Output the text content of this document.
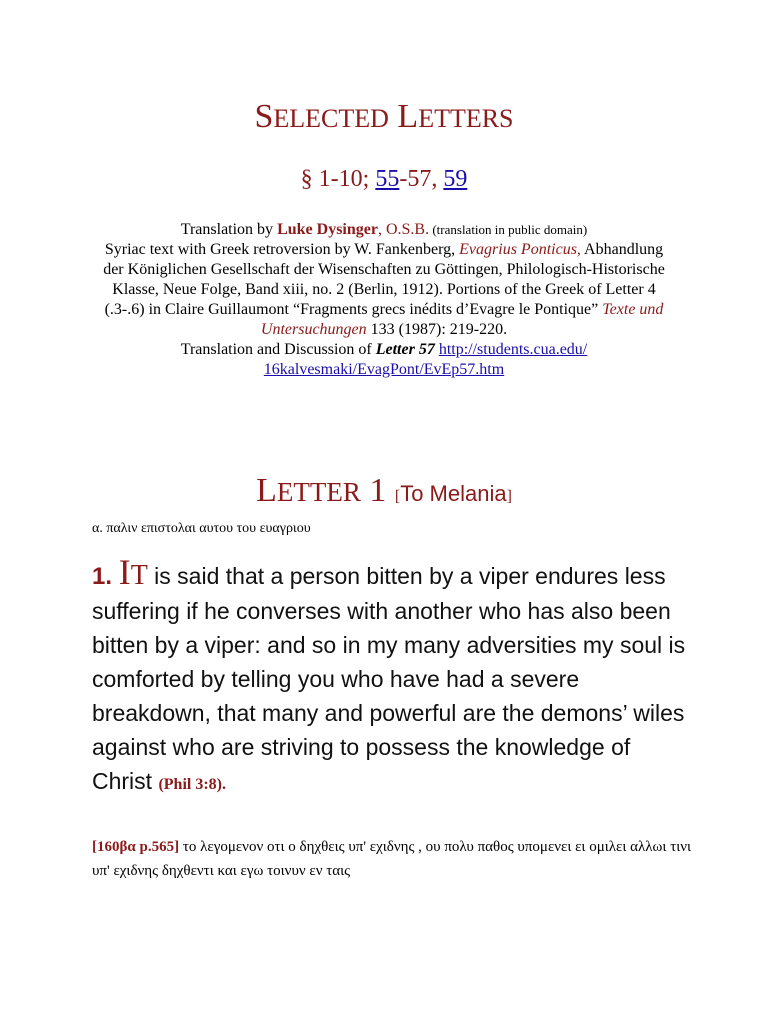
SELECTED LETTERS
§ 1-10; 55-57, 59
Translation by Luke Dysinger, O.S.B. (translation in public domain)
Syriac text with Greek retroversion by W. Fankenberg, Evagrius Ponticus, Abhandlung der Königlichen Gesellschaft der Wisenschaften zu Göttingen, Philologisch-Historische Klasse, Neue Folge, Band xiii, no. 2 (Berlin, 1912). Portions of the Greek of Letter 4 (.3-.6) in Claire Guillaumont “Fragments grecs inédits d’Evagre le Pontique” Texte und Untersuchungen 133 (1987): 219-220.
Translation and Discussion of Letter 57 http://students.cua.edu/
16kalvesmaki/EvagPont/EvEp57.htm
LETTER 1 [To Melania]
α. παλιν επιστολαι αυτου του ευαγριου
1. IT is said that a person bitten by a viper endures less suffering if he converses with another who has also been bitten by a viper: and so in my many adversities my soul is comforted by telling you who have had a severe breakdown, that many and powerful are the demons’ wiles against who are striving to possess the knowledge of Christ (Phil 3:8).
[160βα p.565] το λεγομενον οτι ο δηχθεις υπ' εχιδνης , ου πολυ παθος υπομενει ει ομιλει αλλωι τινι υπ' εχιδνης δηχθεντι και εγω τοινυν εν ταις
